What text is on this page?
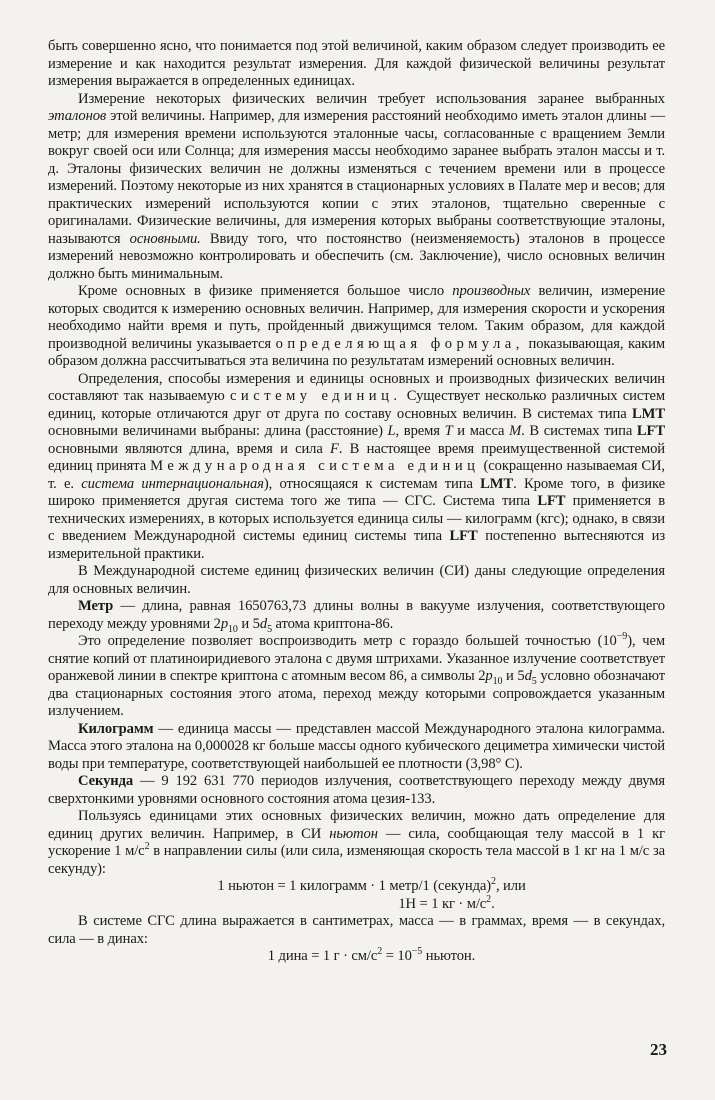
быть совершенно ясно, что понимается под этой величиной, каким образом следует производить ее измерение и как находится результат измерения. Для каждой физической величины результат измерения выражается в определенных единицах.

Измерение некоторых физических величин требует использования заранее выбранных эталонов этой величины. Например, для измерения расстояний необходимо иметь эталон длины — метр; для измерения времени используются эталонные часы, согласованные с вращением Земли вокруг своей оси или Солнца; для измерения массы необходимо заранее выбрать эталон массы и т. д. Эталоны физических величин не должны изменяться с течением времени или в процессе измерений. Поэтому некоторые из них хранятся в стационарных условиях в Палате мер и весов; для практических измерений используются копии с этих эталонов, тщательно сверенные с оригиналами. Физические величины, для измерения которых выбраны соответствующие эталоны, называются основными. Ввиду того, что постоянство (неизменяемость) эталонов в процессе измерений невозможно контролировать и обеспечить (см. Заключение), число основных величин должно быть минимальным.

Кроме основных в физике применяется большое число производных величин, измерение которых сводится к измерению основных величин. Например, для измерения скорости и ускорения необходимо найти время и путь, пройденный движущимся телом. Таким образом, для каждой производной величины указывается определяющая формула, показывающая, каким образом должна рассчитываться эта величина по результатам измерений основных величин.

Определения, способы измерения и единицы основных и производных физических величин составляют так называемую систему единиц. Существует несколько различных систем единиц, которые отличаются друг от друга по составу основных величин. В системах типа LMT основными величинами выбраны: длина (расстояние) L, время T и масса M. В системах типа LFT основными являются длина, время и сила F. В настоящее время преимущественной системой единиц принята Международная система единиц (сокращенно называемая СИ, т. е. система интернациональная), относящаяся к системам типа LMT. Кроме того, в физике широко применяется другая система того же типа — СГС. Система типа LFT применяется в технических измерениях, в которых используется единица силы — килограмм (кгс); однако, в связи с введением Международной системы единиц системы типа LFT постепенно вытесняются из измерительной практики.

В Международной системе единиц физических величин (СИ) даны следующие определения для основных величин.

Метр — длина, равная 1650763,73 длины волны в вакууме излучения, соответствующего переходу между уровнями $2p_{10}$ и $5d_5$ атома криптона-86.

Это определение позволяет воспроизводить метр с гораздо большей точностью $(10^{-9})$, чем снятие копий от платиноиридиевого эталона с двумя штрихами. Указанное излучение соответствует оранжевой линии в спектре криптона с атомным весом 86, а символы $2p_{10}$ и $5d_5$ условно обозначают два стационарных состояния этого атома, переход между которыми сопровождается указанным излучением.

Килограмм — единица массы — представлен массой Международного эталона килограмма. Масса этого эталона на 0,000028 кг больше массы одного кубического дециметра химически чистой воды при температуре, соответствующей наибольшей ее плотности (3,98° С).

Секунда — 9 192 631 770 периодов излучения, соответствующего переходу между двумя сверхтонкими уровнями основного состояния атома цезия-133.

Пользуясь единицами этих основных физических величин, можно дать определение для единиц других величин. Например, в СИ ньютон — сила, сообщающая телу массой в 1 кг ускорение 1 $м/с^2$ в направлении силы (или сила, изменяющая скорость тела массой в 1 кг на 1 м/с за секунду):

1 ньютон = 1 килограмм · 1 метр/1 (секунда)$^2$, или

1Н = 1 кг · $м/с^2$.

В системе СГС длина выражается в сантиметрах, масса — в граммах, время — в секундах, сила — в динах:

1 дина = 1 $г \cdot см/с^2 = 10^{-5}$ ньютон.

23
